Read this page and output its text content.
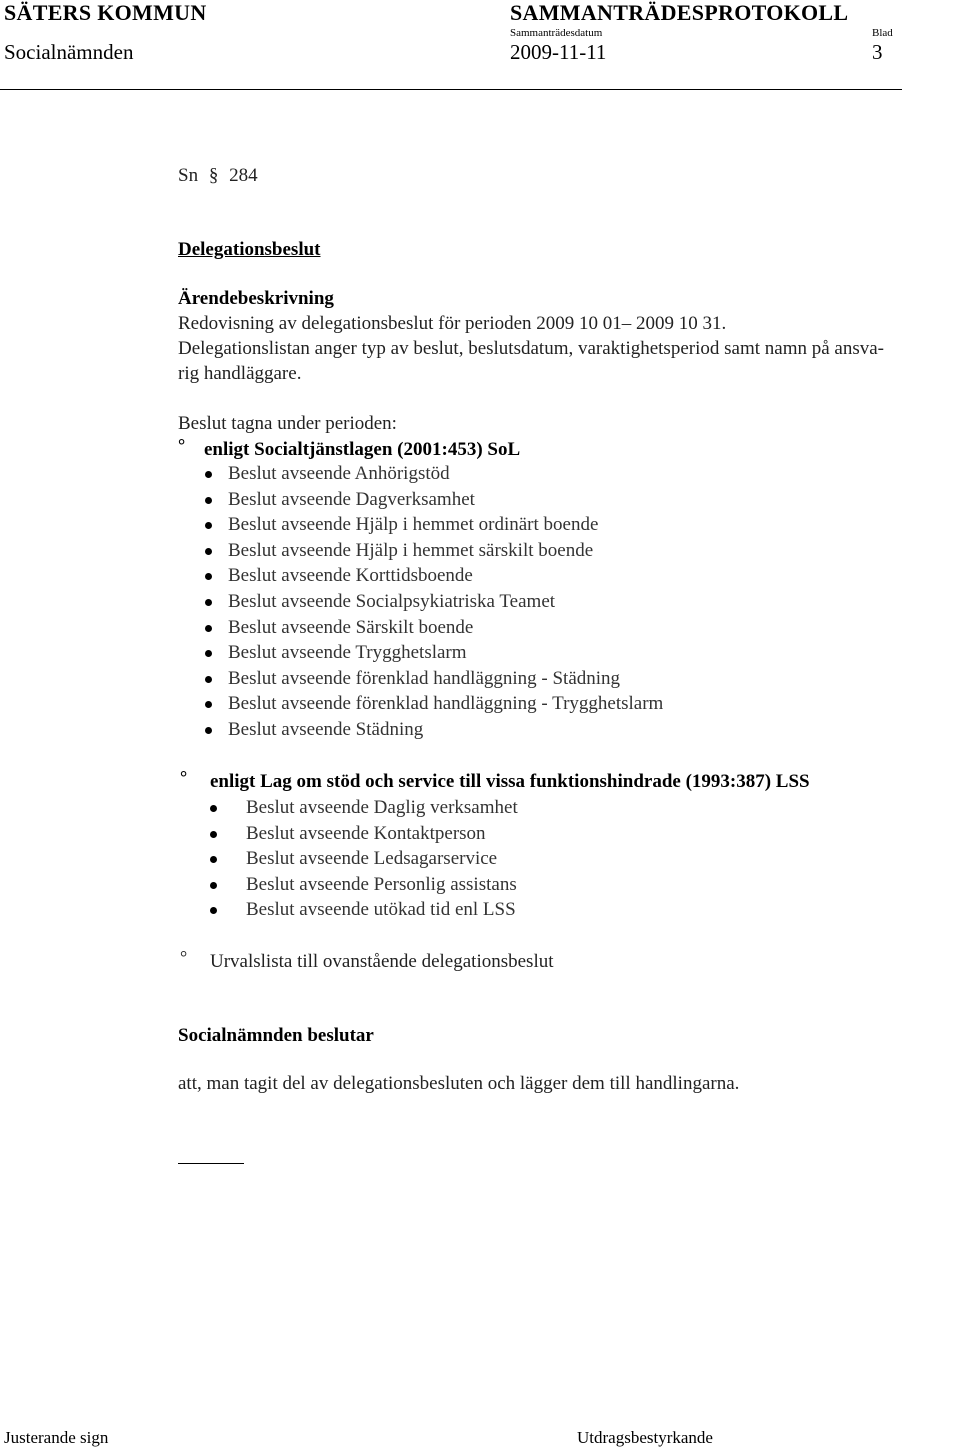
SÄTERS KOMMUN	SAMMANTRÄDESPROTOKOLL
Socialnämnden
Sammanträdesdatum
2009-11-11
Blad
3
Sn § 284
Delegationsbeslut
Ärendebeskrivning
Redovisning av delegationsbeslut för perioden 2009 10 01– 2009 10 31.
Delegationslistan anger typ av beslut, beslutsdatum, varaktighetsperiod samt namn på ansva-
rig handläggare.
Beslut tagna under perioden:
° enligt Socialtjänstlagen (2001:453) SoL
Beslut avseende Anhörigstöd
Beslut avseende Dagverksamhet
Beslut avseende Hjälp i hemmet ordinärt boende
Beslut avseende Hjälp i hemmet särskilt boende
Beslut avseende Korttidsboende
Beslut avseende Socialpsykiatriska Teamet
Beslut avseende Särskilt boende
Beslut avseende Trygghetslarm
Beslut avseende förenklad handläggning - Städning
Beslut avseende förenklad handläggning - Trygghetslarm
Beslut avseende Städning
° enligt Lag om stöd och service till vissa funktionshindrade (1993:387) LSS
Beslut avseende Daglig verksamhet
Beslut avseende Kontaktperson
Beslut avseende Ledsagarservice
Beslut avseende Personlig assistans
Beslut avseende utökad tid enl LSS
° Urvalslista till ovanstående delegationsbeslut
Socialnämnden beslutar
att, man tagit del av delegationsbesluten och lägger dem till handlingarna.
Justerande sign	Utdragsbestyrkande
